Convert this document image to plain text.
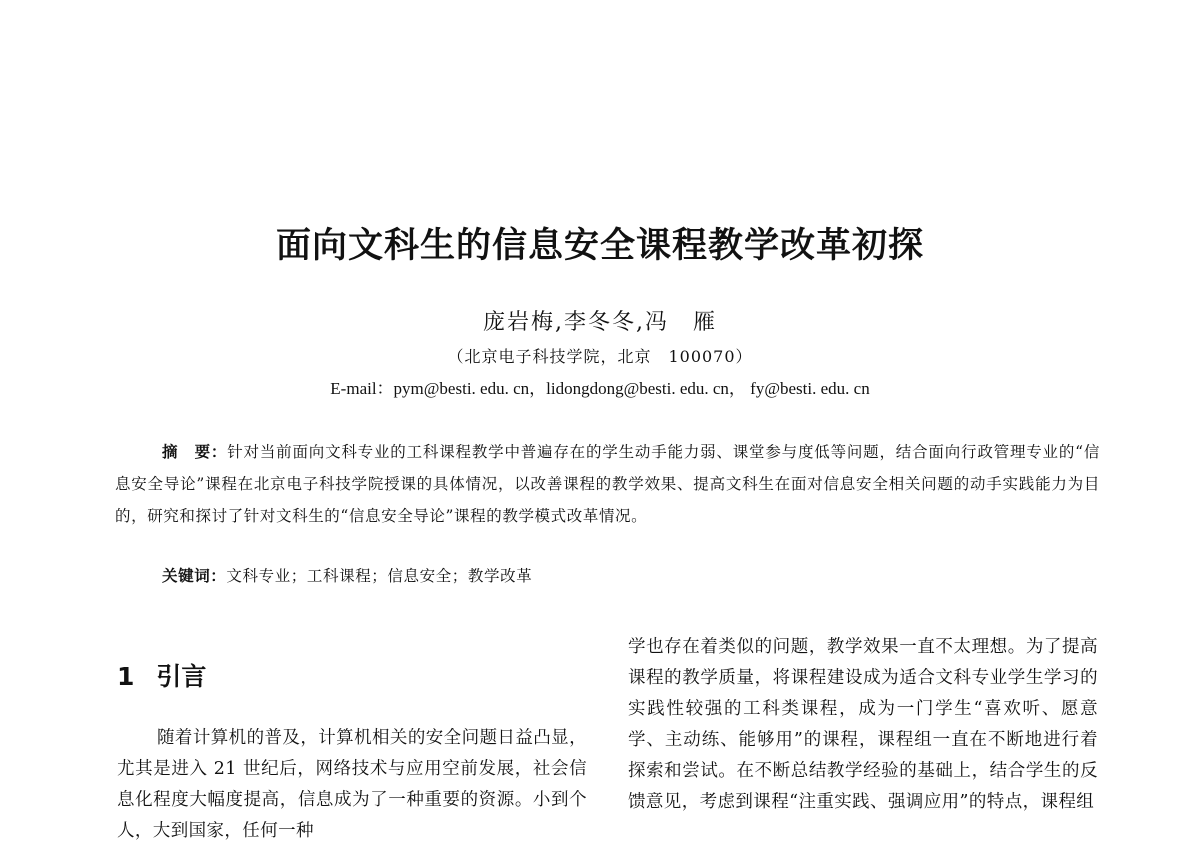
面向文科生的信息安全课程教学改革初探
庞岩梅,李冬冬,冯　雁
（北京电子科技学院，北京　100070）
E-mail：pym@besti. edu. cn，lidongdong@besti. edu. cn， fy@besti. edu. cn

摘　要：针对当前面向文科专业的工科课程教学中普遍存在的学生动手能力弱、课堂参与度低等问题，结合面向行政管理专业的“信息安全导论”课程在北京电子科技学院授课的具体情况，以改善课程的教学效果、提高文科生在面对信息安全相关问题的动手实践能力为目的，研究和探讨了针对文科生的“信息安全导论”课程的教学模式改革情况。

关键词：文科专业；工科课程；信息安全；教学改革

1 引言

随着计算机的普及，计算机相关的安全问题日益凸显，尤其是进入 21 世纪后，网络技术与应用空前发展，社会信息化程度大幅度提高，信息成为了一种重要的资源。小到个人，大到国家，任何一种

学也存在着类似的问题，教学效果一直不太理想。为了提高课程的教学质量，将课程建设成为适合文科专业学生学习的实践性较强的工科类课程，成为一门学生“喜欢听、愿意学、主动练、能够用”的课程，课程组一直在不断地进行着探索和尝试。在不断总结教学经验的基础上，结合学生的反馈意见，考虑到课程“注重实践、强调应用”的特点，课程组
